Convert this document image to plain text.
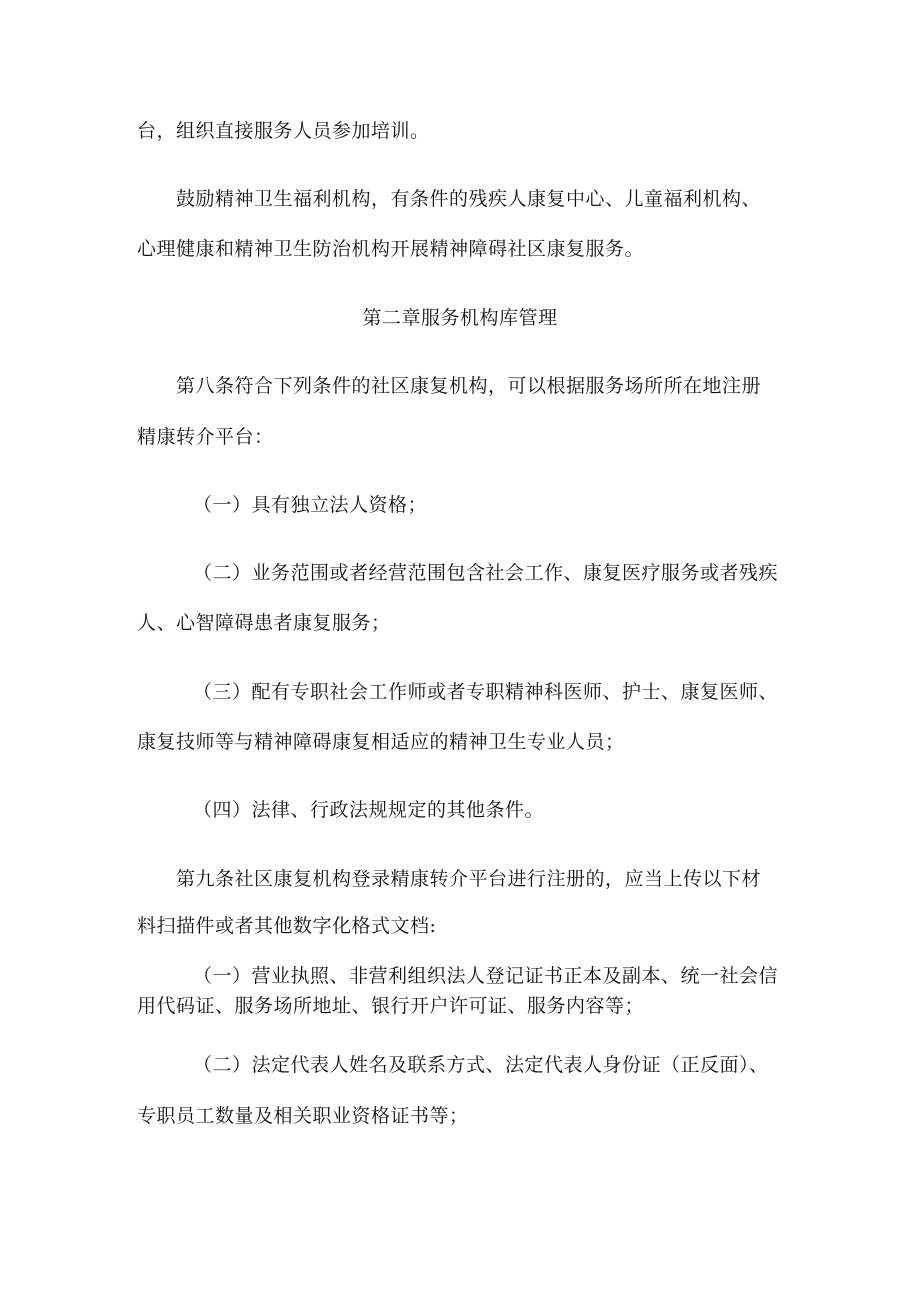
台，组织直接服务人员参加培训。
鼓励精神卫生福利机构，有条件的残疾人康复中心、儿童福利机构、
心理健康和精神卫生防治机构开展精神障碍社区康复服务。
第二章服务机构库管理
第八条符合下列条件的社区康复机构，可以根据服务场所所在地注册
精康转介平台：
（一）具有独立法人资格；
（二）业务范围或者经营范围包含社会工作、康复医疗服务或者残疾
人、心智障碍患者康复服务；
（三）配有专职社会工作师或者专职精神科医师、护士、康复医师、
康复技师等与精神障碍康复相适应的精神卫生专业人员；
（四）法律、行政法规规定的其他条件。
第九条社区康复机构登录精康转介平台进行注册的，应当上传以下材
料扫描件或者其他数字化格式文档:
（一）营业执照、非营利组织法人登记证书正本及副本、统一社会信
用代码证、服务场所地址、银行开户许可证、服务内容等；
（二）法定代表人姓名及联系方式、法定代表人身份证（正反面）、
专职员工数量及相关职业资格证书等；
